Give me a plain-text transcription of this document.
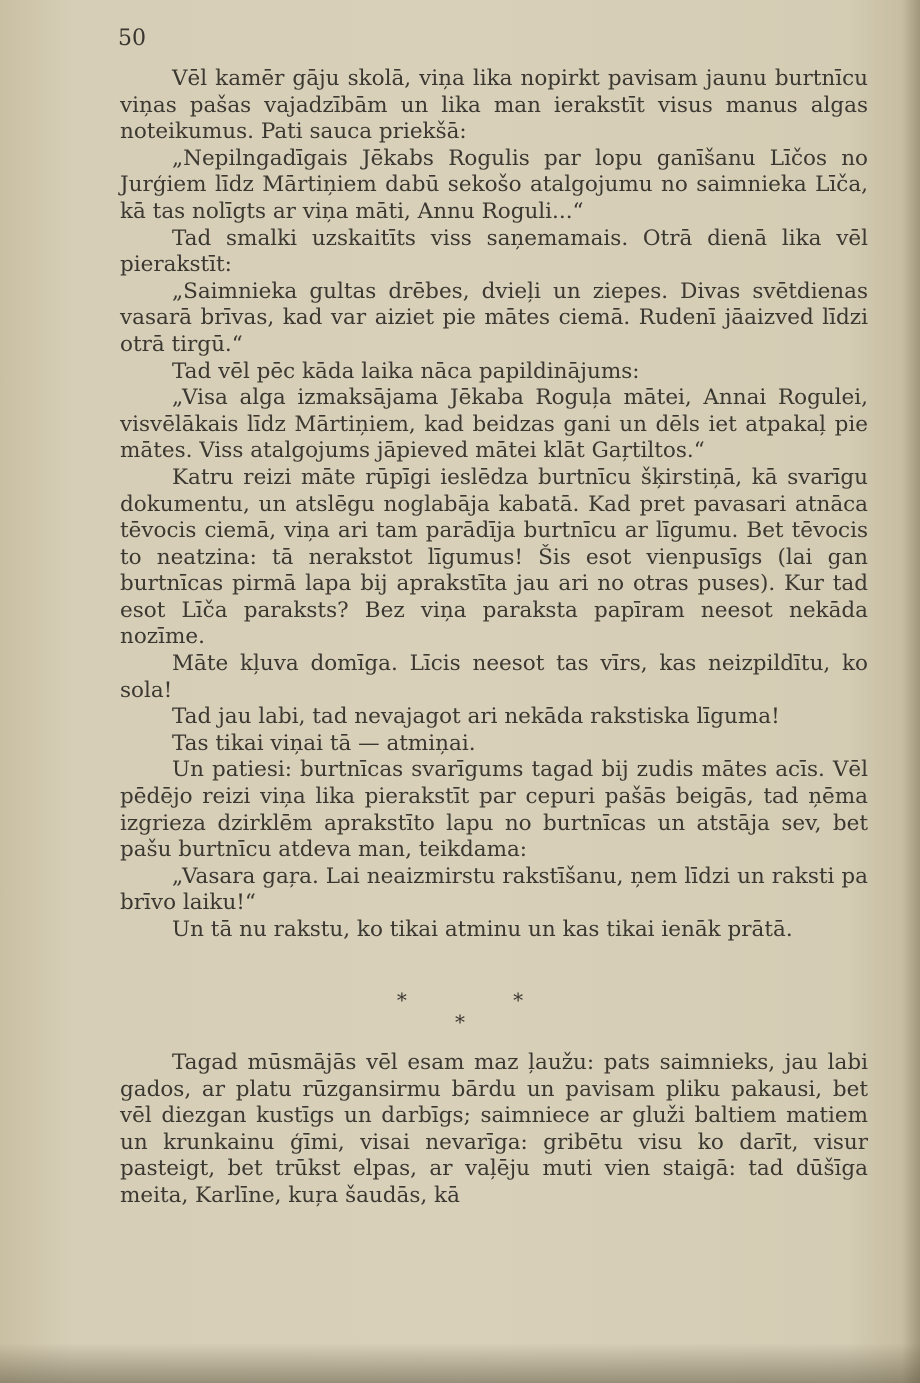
50

Vēl kamēr gāju skolā, viņa lika nopirkt pavisam jaunu burtnīcu viņas pašas vajadzībām un lika man ierakstīt visus manus algas noteikumus. Pati sauca priekšā:

„Nepilngadīgais Jēkabs Rogulis par lopu ganīšanu Līčos no Jurģiem līdz Mārtiņiem dabū sekošo atalgojumu no saimnieka Līča, kā tas nolīgts ar viņa māti, Annu Roguli...“

Tad smalki uzskaitīts viss saņemamais. Otrā dienā lika vēl pierakstīt:

„Saimnieka gultas drēbes, dvieļi un ziepes. Divas svētdienas vasarā brīvas, kad var aiziet pie mātes ciemā. Rudenī jāaizved līdzi otrā tirgū.“

Tad vēl pēc kāda laika nāca papildinājums:

„Visa alga izmaksājama Jēkaba Roguļa mātei, Annai Rogulei, visvēlākais līdz Mārtiņiem, kad beidzas gani un dēls iet atpakaļ pie mātes. Viss atalgojums jāpieved mātei klāt Gaŗtiltos.“

Katru reizi māte rūpīgi ieslēdza burtnīcu šķirstiņā, kā svarīgu dokumentu, un atslēgu noglabāja kabatā. Kad pret pavasari atnāca tēvocis ciemā, viņa ari tam parādīja burtnīcu ar līgumu. Bet tēvocis to neatzina: tā nerakstot līgumus! Šis esot vienpusīgs (lai gan burtnīcas pirmā lapa bij aprakstīta jau ari no otras puses). Kur tad esot Līča paraksts? Bez viņa paraksta papīram neesot nekāda nozīme.

Māte kļuva domīga. Līcis neesot tas vīrs, kas neizpildītu, ko sola!

Tad jau labi, tad nevajagot ari nekāda rakstiska līguma!

Tas tikai viņai tā — atmiņai.

Un patiesi: burtnīcas svarīgums tagad bij zudis mātes acīs. Vēl pēdējo reizi viņa lika pierakstīt par cepuri pašās beigās, tad ņēma izgrieza dzirklēm aprakstīto lapu no burtnīcas un atstāja sev, bet pašu burtnīcu atdeva man, teikdama:

„Vasara gaŗa. Lai neaizmirstu rakstīšanu, ņem līdzi un raksti pa brīvo laiku!“

Un tā nu rakstu, ko tikai atminu un kas tikai ienāk prātā.

*	*
*

Tagad mūsmājās vēl esam maz ļaužu: pats saimnieks, jau labi gados, ar platu rūzgansirmu bārdu un pavisam pliku pakausi, bet vēl diezgan kustīgs un darbīgs; saimniece ar gluži baltiem matiem un krunkainu ģīmi, visai nevarīga: gribētu visu ko darīt, visur pasteigt, bet trūkst elpas, ar vaļēju muti vien staigā: tad dūšīga meita, Karlīne, kuŗa šaudās, kā
